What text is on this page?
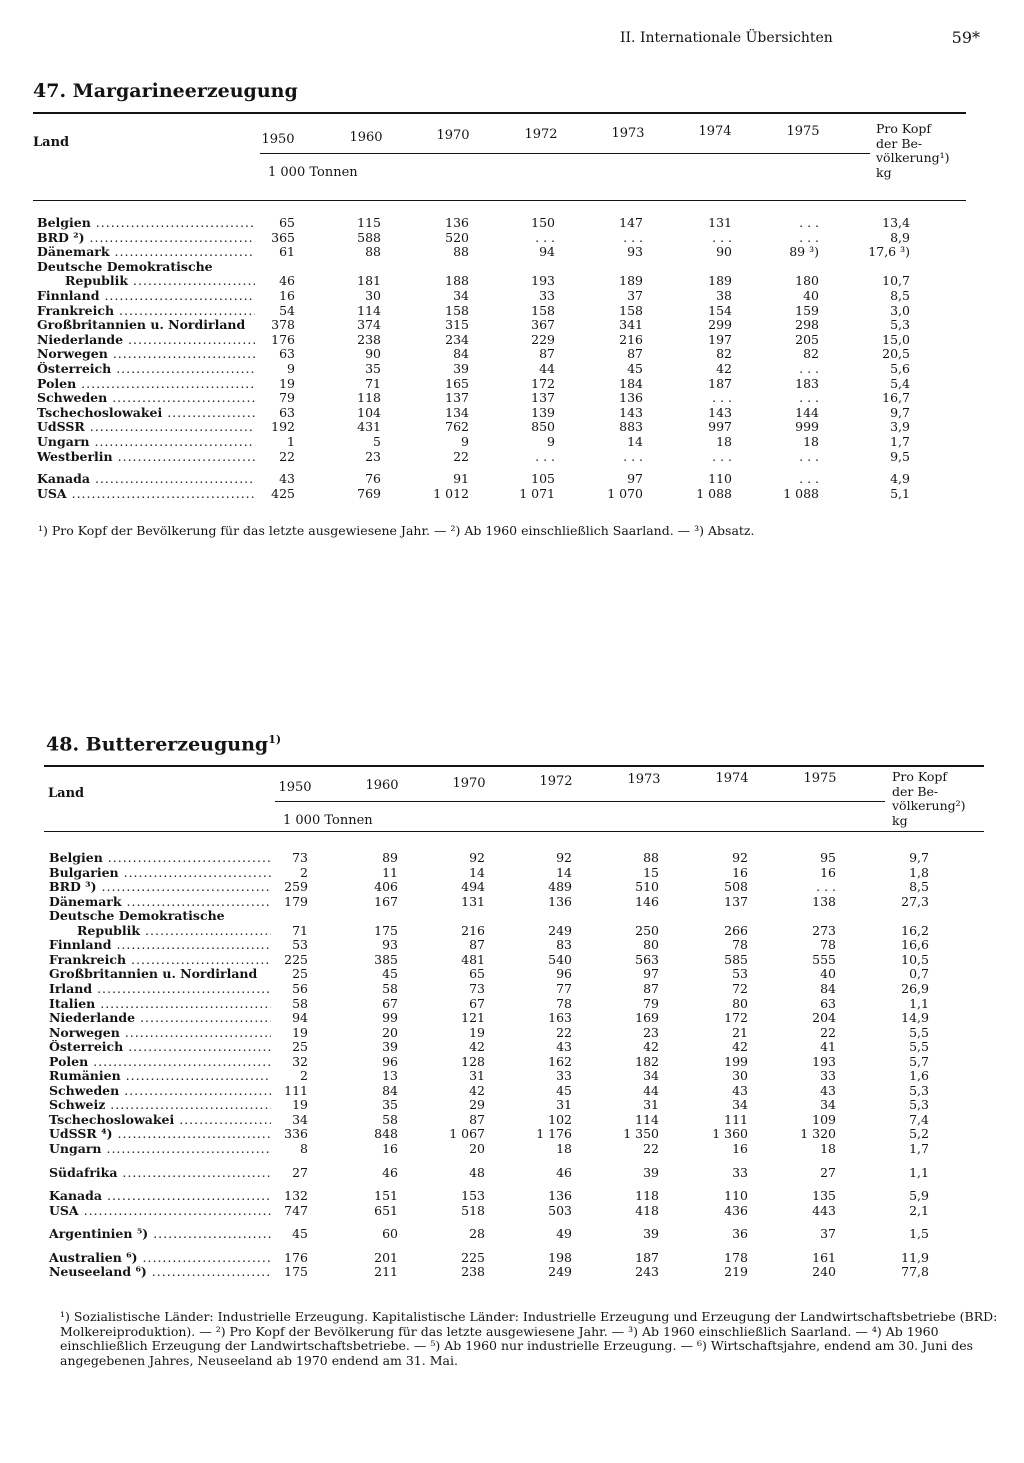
II. Internationale Übersichten	59*
47. Margarineerzeugung
Land	1950	1960	1970	1972	1973	1974	1975	Pro Kopf
der Be-
völkerung¹)
kg
1 000 Tonnen
Belgien .....	65	115	136	150	147	131	. . .	13,4
BRD ²) .....	365	588	520	. . .	. . .	. . .	. . .	8,9
Dänemark .....	61	88	88	94	93	90	89 ³)	17,6 ³)
Deutsche Demokratische
Republik .....	46	181	188	193	189	189	180	10,7
Finnland .....	16	30	34	33	37	38	40	8,5
Frankreich .....	54	114	158	158	158	154	159	3,0
Großbritannien u. Nordirland	378	374	315	367	341	299	298	5,3
Niederlande .....	176	238	234	229	216	197	205	15,0
Norwegen .....	63	90	84	87	87	82	82	20,5
Österreich .....	9	35	39	44	45	42	. . .	5,6
Polen .....	19	71	165	172	184	187	183	5,4
Schweden .....	79	118	137	137	136	. . .	. . .	16,7
Tschechoslowakei .....	63	104	134	139	143	143	144	9,7
UdSSR .....	192	431	762	850	883	997	999	3,9
Ungarn .....	1	5	9	9	14	18	18	1,7
Westberlin .....	22	23	22	. . .	. . .	. . .	. . .	9,5
Kanada .....	43	76	91	105	97	110	. . .	4,9
USA .....	425	769	1 012	1 071	1 070	1 088	1 088	5,1
¹) Pro Kopf der Bevölkerung für das letzte ausgewiesene Jahr. — ²) Ab 1960 einschließlich Saarland. — ³) Absatz.
48. Buttererzeugung$^{1)}$
Land	1950	1960	1970	1972	1973	1974	1975	Pro Kopf
der Be-
völkerung²)
kg
1 000 Tonnen
Belgien .....	73	89	92	92	88	92	95	9,7
Bulgarien .....	2	11	14	14	15	16	16	1,8
BRD ³) .....	259	406	494	489	510	508	. . .	8,5
Dänemark .....	179	167	131	136	146	137	138	27,3
Deutsche Demokratische
Republik .....	71	175	216	249	250	266	273	16,2
Finnland .....	53	93	87	83	80	78	78	16,6
Frankreich .....	225	385	481	540	563	585	555	10,5
Großbritannien u. Nordirland	25	45	65	96	97	53	40	0,7
Irland .....	56	58	73	77	87	72	84	26,9
Italien .....	58	67	67	78	79	80	63	1,1
Niederlande .....	94	99	121	163	169	172	204	14,9
Norwegen .....	19	20	19	22	23	21	22	5,5
Österreich .....	25	39	42	43	42	42	41	5,5
Polen .....	32	96	128	162	182	199	193	5,7
Rumänien .....	2	13	31	33	34	30	33	1,6
Schweden .....	111	84	42	45	44	43	43	5,3
Schweiz .....	19	35	29	31	31	34	34	5,3
Tschechoslowakei .....	34	58	87	102	114	111	109	7,4
UdSSR ⁴) .....	336	848	1 067	1 176	1 350	1 360	1 320	5,2
Ungarn .....	8	16	20	18	22	16	18	1,7
Südafrika .....	27	46	48	46	39	33	27	1,1
Kanada .....	132	151	153	136	118	110	135	5,9
USA .....	747	651	518	503	418	436	443	2,1
Argentinien ⁵) .....	45	60	28	49	39	36	37	1,5
Australien ⁶) .....	176	201	225	198	187	178	161	11,9
Neuseeland ⁶) .....	175	211	238	249	243	219	240	77,8
¹) Sozialistische Länder: Industrielle Erzeugung. Kapitalistische Länder: Industrielle Erzeugung und Erzeugung der Landwirtschaftsbetriebe (BRD: Molkereiproduktion). — ²) Pro Kopf der Bevölkerung für das letzte ausgewiesene Jahr. — ³) Ab 1960 einschließlich Saarland. — ⁴) Ab 1960 einschließlich Erzeugung der Landwirtschaftsbetriebe. — ⁵) Ab 1960 nur industrielle Erzeugung. — ⁶) Wirtschaftsjahre, endend am 30. Juni des angegebenen Jahres, Neuseeland ab 1970 endend am 31. Mai.
